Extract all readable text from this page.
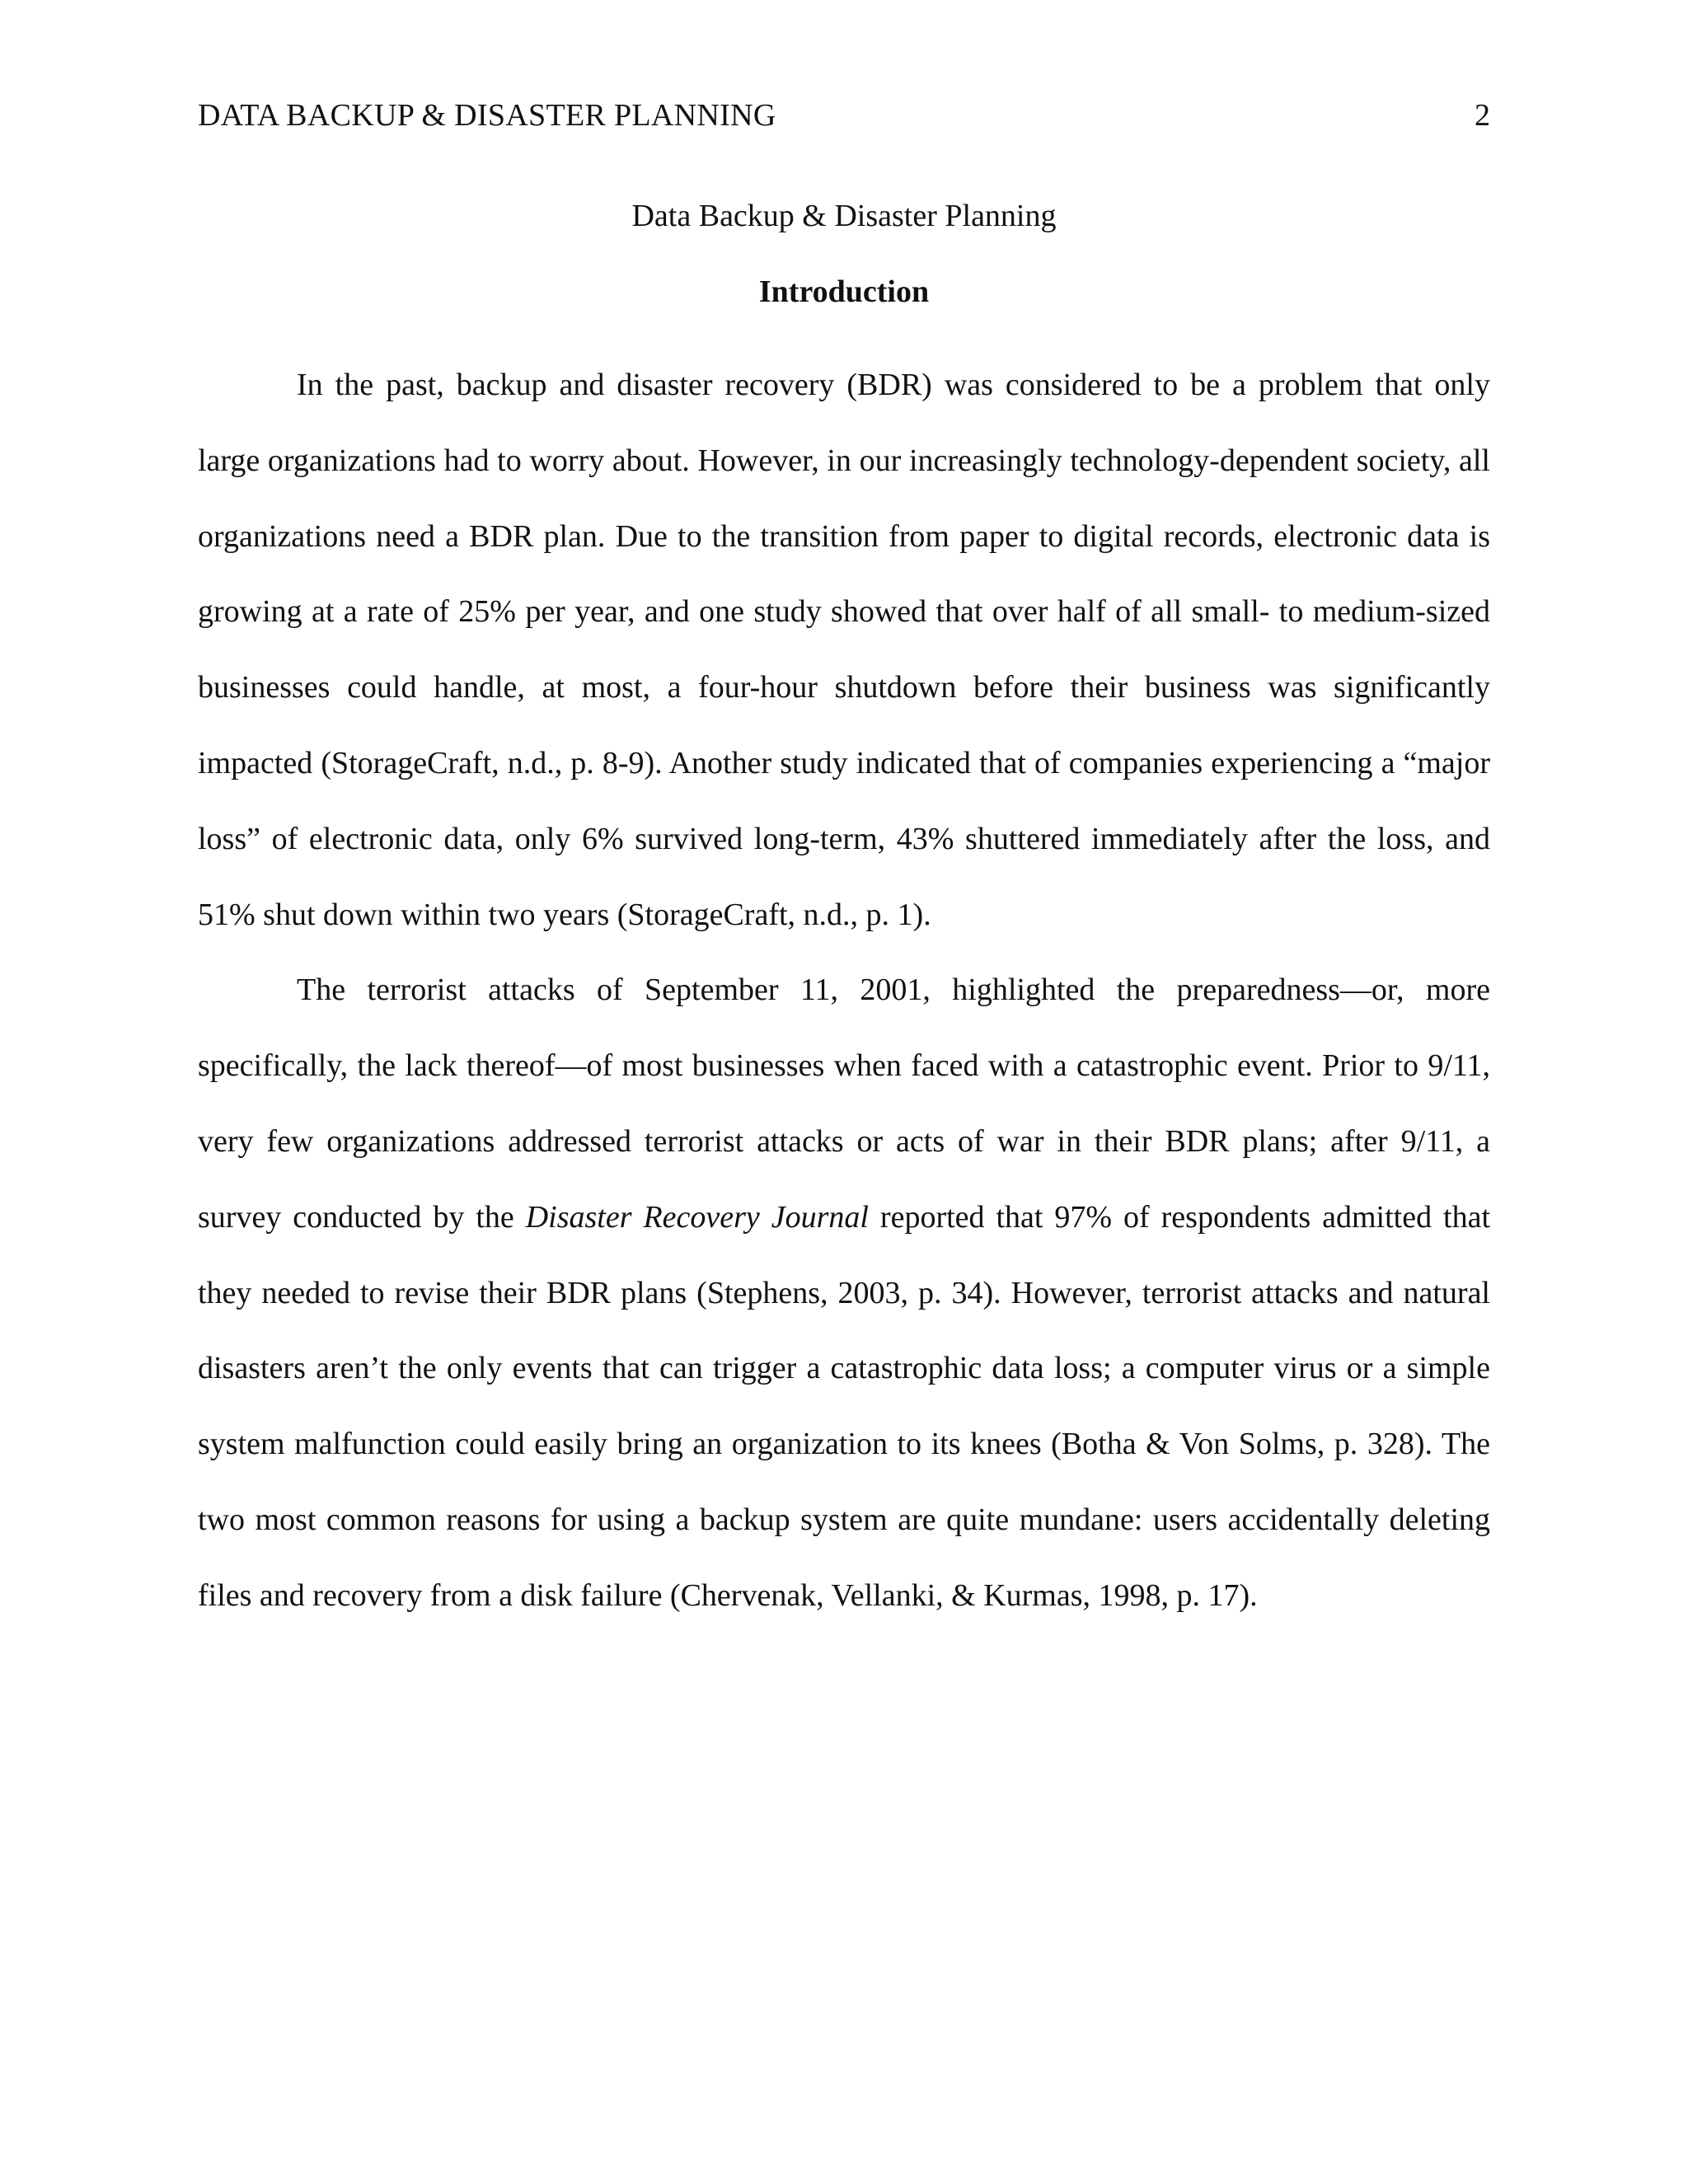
DATA BACKUP & DISASTER PLANNING	2
Data Backup & Disaster Planning
Introduction

In the past, backup and disaster recovery (BDR) was considered to be a problem that only large organizations had to worry about. However, in our increasingly technology-dependent society, all organizations need a BDR plan. Due to the transition from paper to digital records, electronic data is growing at a rate of 25% per year, and one study showed that over half of all small- to medium-sized businesses could handle, at most, a four-hour shutdown before their business was significantly impacted (StorageCraft, n.d., p. 8-9). Another study indicated that of companies experiencing a “major loss” of electronic data, only 6% survived long-term, 43% shuttered immediately after the loss, and 51% shut down within two years (StorageCraft, n.d., p. 1).

The terrorist attacks of September 11, 2001, highlighted the preparedness—or, more specifically, the lack thereof—of most businesses when faced with a catastrophic event. Prior to 9/11, very few organizations addressed terrorist attacks or acts of war in their BDR plans; after 9/11, a survey conducted by the Disaster Recovery Journal reported that 97% of respondents admitted that they needed to revise their BDR plans (Stephens, 2003, p. 34). However, terrorist attacks and natural disasters aren’t the only events that can trigger a catastrophic data loss; a computer virus or a simple system malfunction could easily bring an organization to its knees (Botha & Von Solms, p. 328). The two most common reasons for using a backup system are quite mundane: users accidentally deleting files and recovery from a disk failure (Chervenak, Vellanki, & Kurmas, 1998, p. 17).
